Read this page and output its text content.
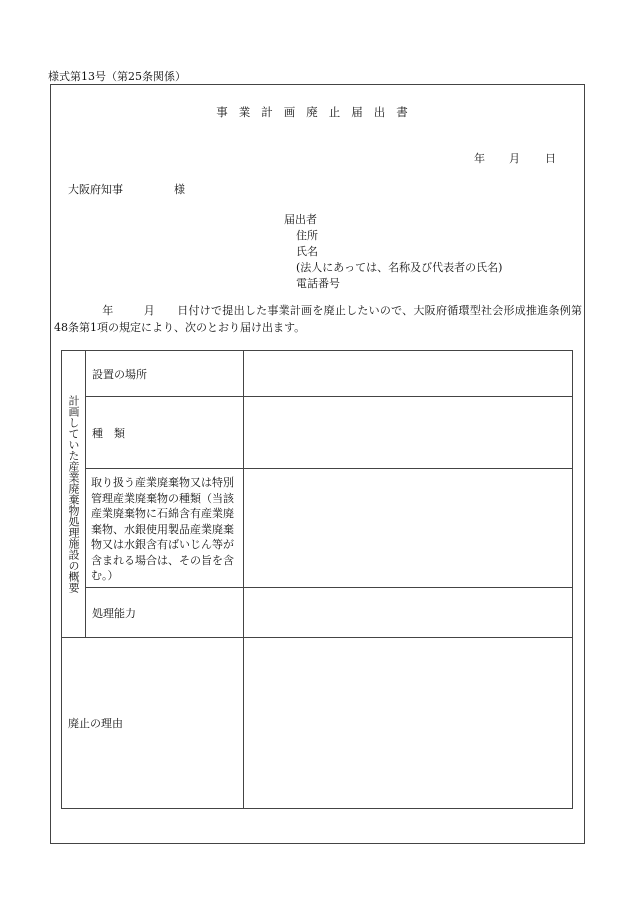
様式第13号（第25条関係）
事業計画廃止届出書
年 月 日
大阪府知事	様
届出者
住所
氏名
(法人にあっては、名称及び代表者の氏名)
電話番号
年	月 日付けで提出した事業計画を廃止したいので、大阪府循環型社会形成推進条例第48条第1項の規定により、次のとおり届け出ます。
計画していた産業廃棄物処理施設の概要	設置の場所	
	種　類	
	取り扱う産業廃棄物又は特別管理産業廃棄物の種類（当該産業廃棄物に石綿含有産業廃棄物、水銀使用製品産業廃棄物又は水銀含有ばいじん等が含まれる場合は、その旨を含む。）	
	処理能力	
廃止の理由		
